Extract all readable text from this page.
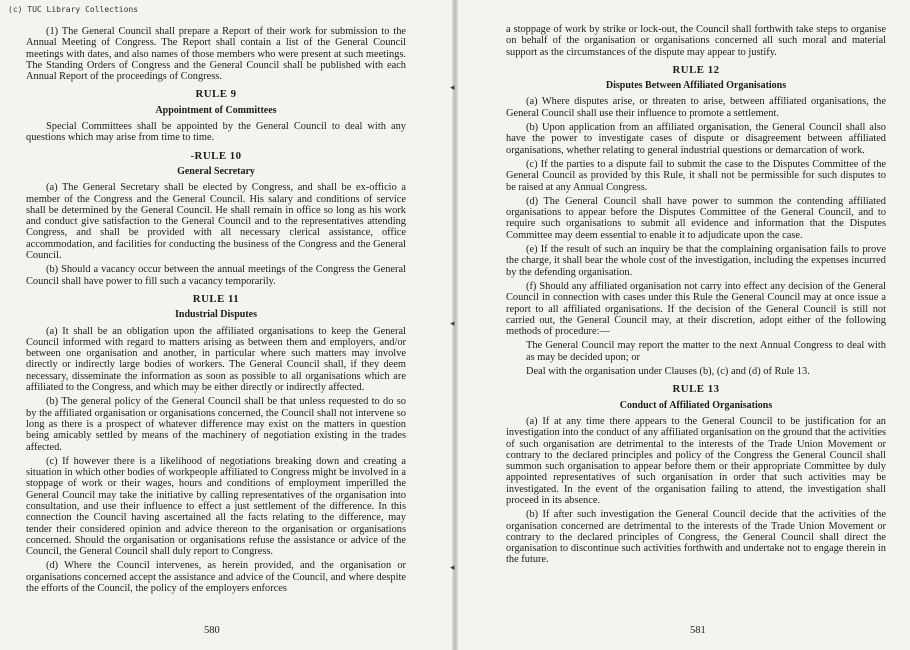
(c) TUC Library Collections

(1) The General Council shall prepare a Report of their work for submission to the Annual Meeting of Congress. The Report shall contain a list of the General Council meetings with dates, and also names of those members who were present at such meetings. The Standing Orders of Congress and the General Council shall be published with each Annual Report of the proceedings of Congress.

RULE 9
Appointment of Committees

Special Committees shall be appointed by the General Council to deal with any questions which may arise from time to time.

-RULE 10
General Secretary

(a) The General Secretary shall be elected by Congress, and shall be ex-officio a member of the Congress and the General Council. His salary and conditions of service shall be determined by the General Council. He shall remain in office so long as his work and conduct give satisfaction to the General Council and to the representatives attending Congress, and shall be provided with all necessary clerical assistance, office accommodation, and facilities for conducting the business of the Congress and the General Council.

(b) Should a vacancy occur between the annual meetings of the Congress the General Council shall have power to fill such a vacancy temporarily.

RULE 11
Industrial Disputes

(a) It shall be an obligation upon the affiliated organisations to keep the General Council informed with regard to matters arising as between them and employers, and/or between one organisation and another, in particular where such matters may involve directly or indirectly large bodies of workers. The General Council shall, if they deem necessary, disseminate the information as soon as possible to all organisations which are affiliated to the Congress, and which may be either directly or indirectly affected.

(b) The general policy of the General Council shall be that unless requested to do so by the affiliated organisation or organisations concerned, the Council shall not intervene so long as there is a prospect of whatever difference may exist on the matters in question being amicably settled by means of the machinery of negotiation existing in the trades affected.

(c) If however there is a likelihood of negotiations breaking down and creating a situation in which other bodies of workpeople affiliated to Congress might be involved in a stoppage of work or their wages, hours and conditions of employment imperilled the General Council may take the initiative by calling representatives of the organisation into consultation, and use their influence to effect a just settlement of the difference. In this connection the Council having ascertained all the facts relating to the difference, may tender their considered opinion and advice thereon to the organisation or organisations concerned. Should the organisation or organisations refuse the assistance or advice of the Council, the General Council shall duly report to Congress.

(d) Where the Council intervenes, as herein provided, and the organisation or organisations concerned accept the assistance and advice of the Council, and where despite the efforts of the Council, the policy of the employers enforces

580
◂
◂
◂

a stoppage of work by strike or lock-out, the Council shall forthwith take steps to organise on behalf of the organisation or organisations concerned all such moral and material support as the circumstances of the dispute may appear to justify.

RULE 12
Disputes Between Affiliated Organisations

(a) Where disputes arise, or threaten to arise, between affiliated organisations, the General Council shall use their influence to promote a settlement.

(b) Upon application from an affiliated organisation, the General Council shall also have the power to investigate cases of dispute or disagreement between affiliated organisations, whether relating to general industrial questions or demarcation of work.

(c) If the parties to a dispute fail to submit the case to the Disputes Committee of the General Council as provided by this Rule, it shall not be permissible for such disputes to be raised at any Annual Congress.

(d) The General Council shall have power to summon the contending affiliated organisations to appear before the Disputes Committee of the General Council, and to require such organisations to submit all evidence and information that the Disputes Committee may deem essential to enable it to adjudicate upon the case.

(e) If the result of such an inquiry be that the complaining organisation fails to prove the charge, it shall bear the whole cost of the investigation, including the expenses incurred by the defending organisation.

(f) Should any affiliated organisation not carry into effect any decision of the General Council in connection with cases under this Rule the General Council may at once issue a report to all affiliated organisations. If the decision of the General Council is still not carried out, the General Council may, at their discretion, adopt either of the following methods of procedure:—

The General Council may report the matter to the next Annual Congress to deal with as may be decided upon; or

Deal with the organisation under Clauses (b), (c) and (d) of Rule 13.

RULE 13
Conduct of Affiliated Organisations

(a) If at any time there appears to the General Council to be justification for an investigation into the conduct of any affiliated organisation on the ground that the activities of such organisation are detrimental to the interests of the Trade Union Movement or contrary to the declared principles and policy of the Congress the General Council shall summon such organisation to appear before them or their appropriate Committee by duly appointed representatives of such organisation in order that such activities may be investigated. In the event of the organisation failing to attend, the investigation shall proceed in its absence.

(b) If after such investigation the General Council decide that the activities of the organisation concerned are detrimental to the interests of the Trade Union Movement or contrary to the declared principles of Congress, the General Council shall direct the organisation to discontinue such activities forthwith and undertake not to engage therein in the future.

581
